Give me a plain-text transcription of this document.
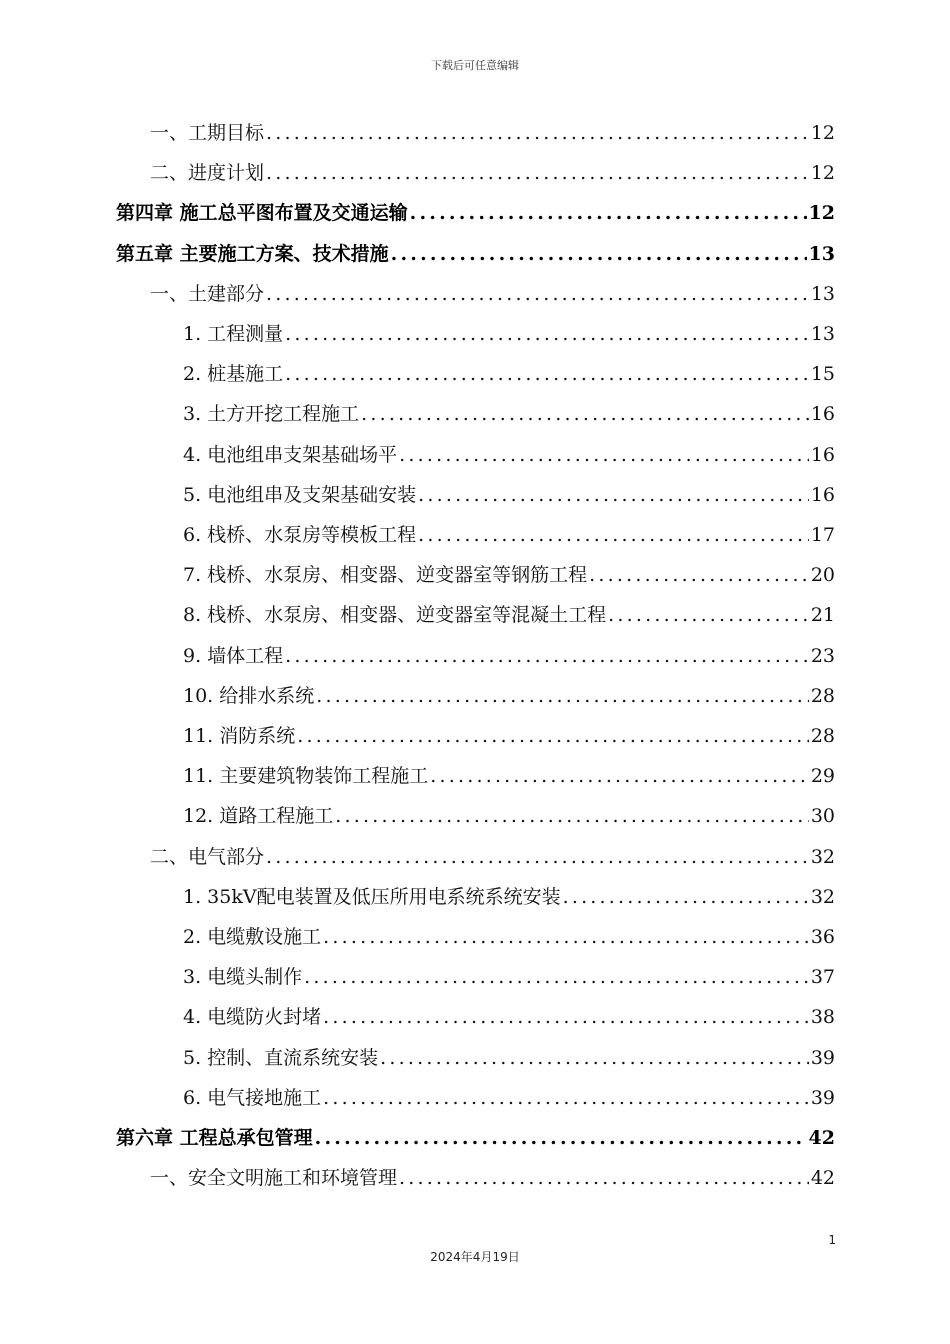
下载后可任意编辑
一、工期目标 .....	12
二、进度计划 .....	12
第四章 施工总平图布置及交通运输 .....	12
第五章 主要施工方案、技术措施 .....	13
一、土建部分 .....	13
1. 工程测量 .....	13
2. 桩基施工 .....	15
3. 土方开挖工程施工 .....	16
4. 电池组串支架基础场平 .....	16
5. 电池组串及支架基础安装 .....	16
6. 栈桥、水泵房等模板工程 .....	17
7. 栈桥、水泵房、相变器、逆变器室等钢筋工程 .....	20
8. 栈桥、水泵房、相变器、逆变器室等混凝土工程 .....	21
9. 墙体工程 .....	23
10. 给排水系统 .....	28
11. 消防系统 .....	28
11. 主要建筑物装饰工程施工 .....	29
12. 道路工程施工 .....	30
二、电气部分 .....	32
1. 35kV配电装置及低压所用电系统系统安装 .....	32
2. 电缆敷设施工 .....	36
3. 电缆头制作 .....	37
4. 电缆防火封堵 .....	38
5. 控制、直流系统安装 .....	39
6. 电气接地施工 .....	39
第六章 工程总承包管理 .....	42
一、安全文明施工和环境管理 .....	42
1
2024年4月19日
